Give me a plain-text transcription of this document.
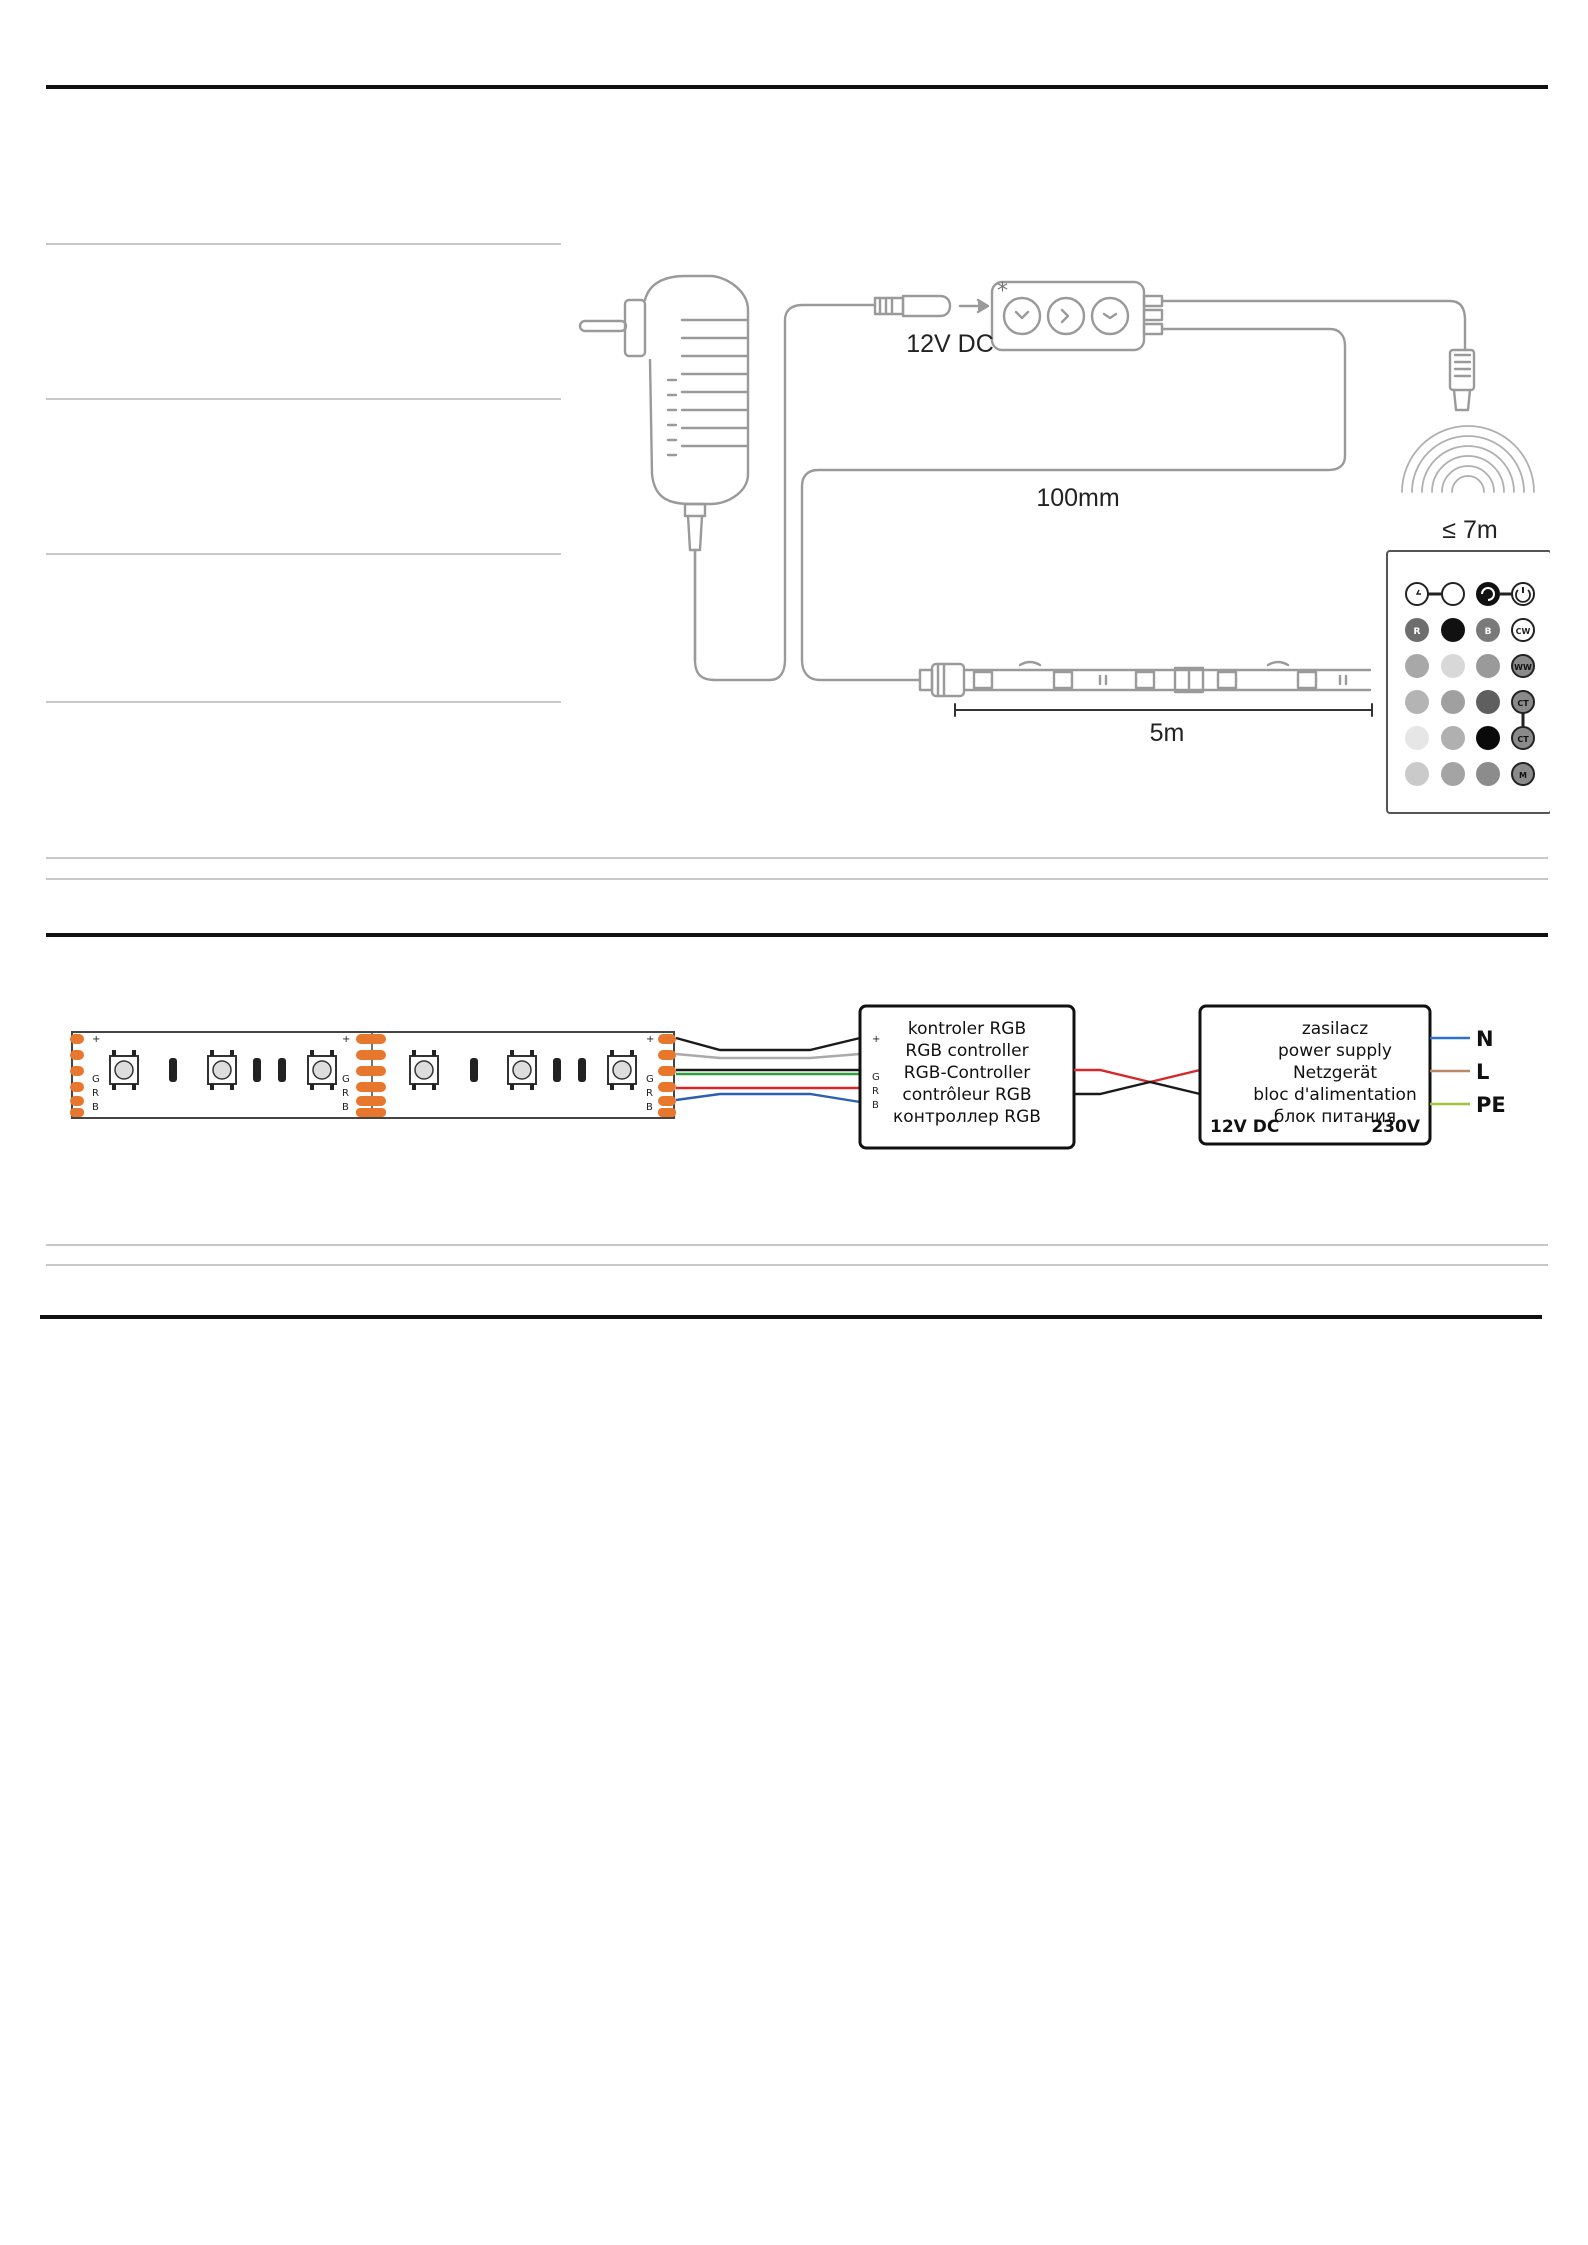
*
12V DC
100mm
≤ 7m
5m
R	B	CW
WW
CT
CT
M
+
G
R
B
+
G
R
B
+
G
R
B
+
G
R
B
kontroler RGB
RGB controller
RGB-Controller
contrôleur RGB
контроллер RGB
zasilacz
power supply
Netzgerät
bloc d'alimentation
блок питания
12V DC	230V
N
L
PE
